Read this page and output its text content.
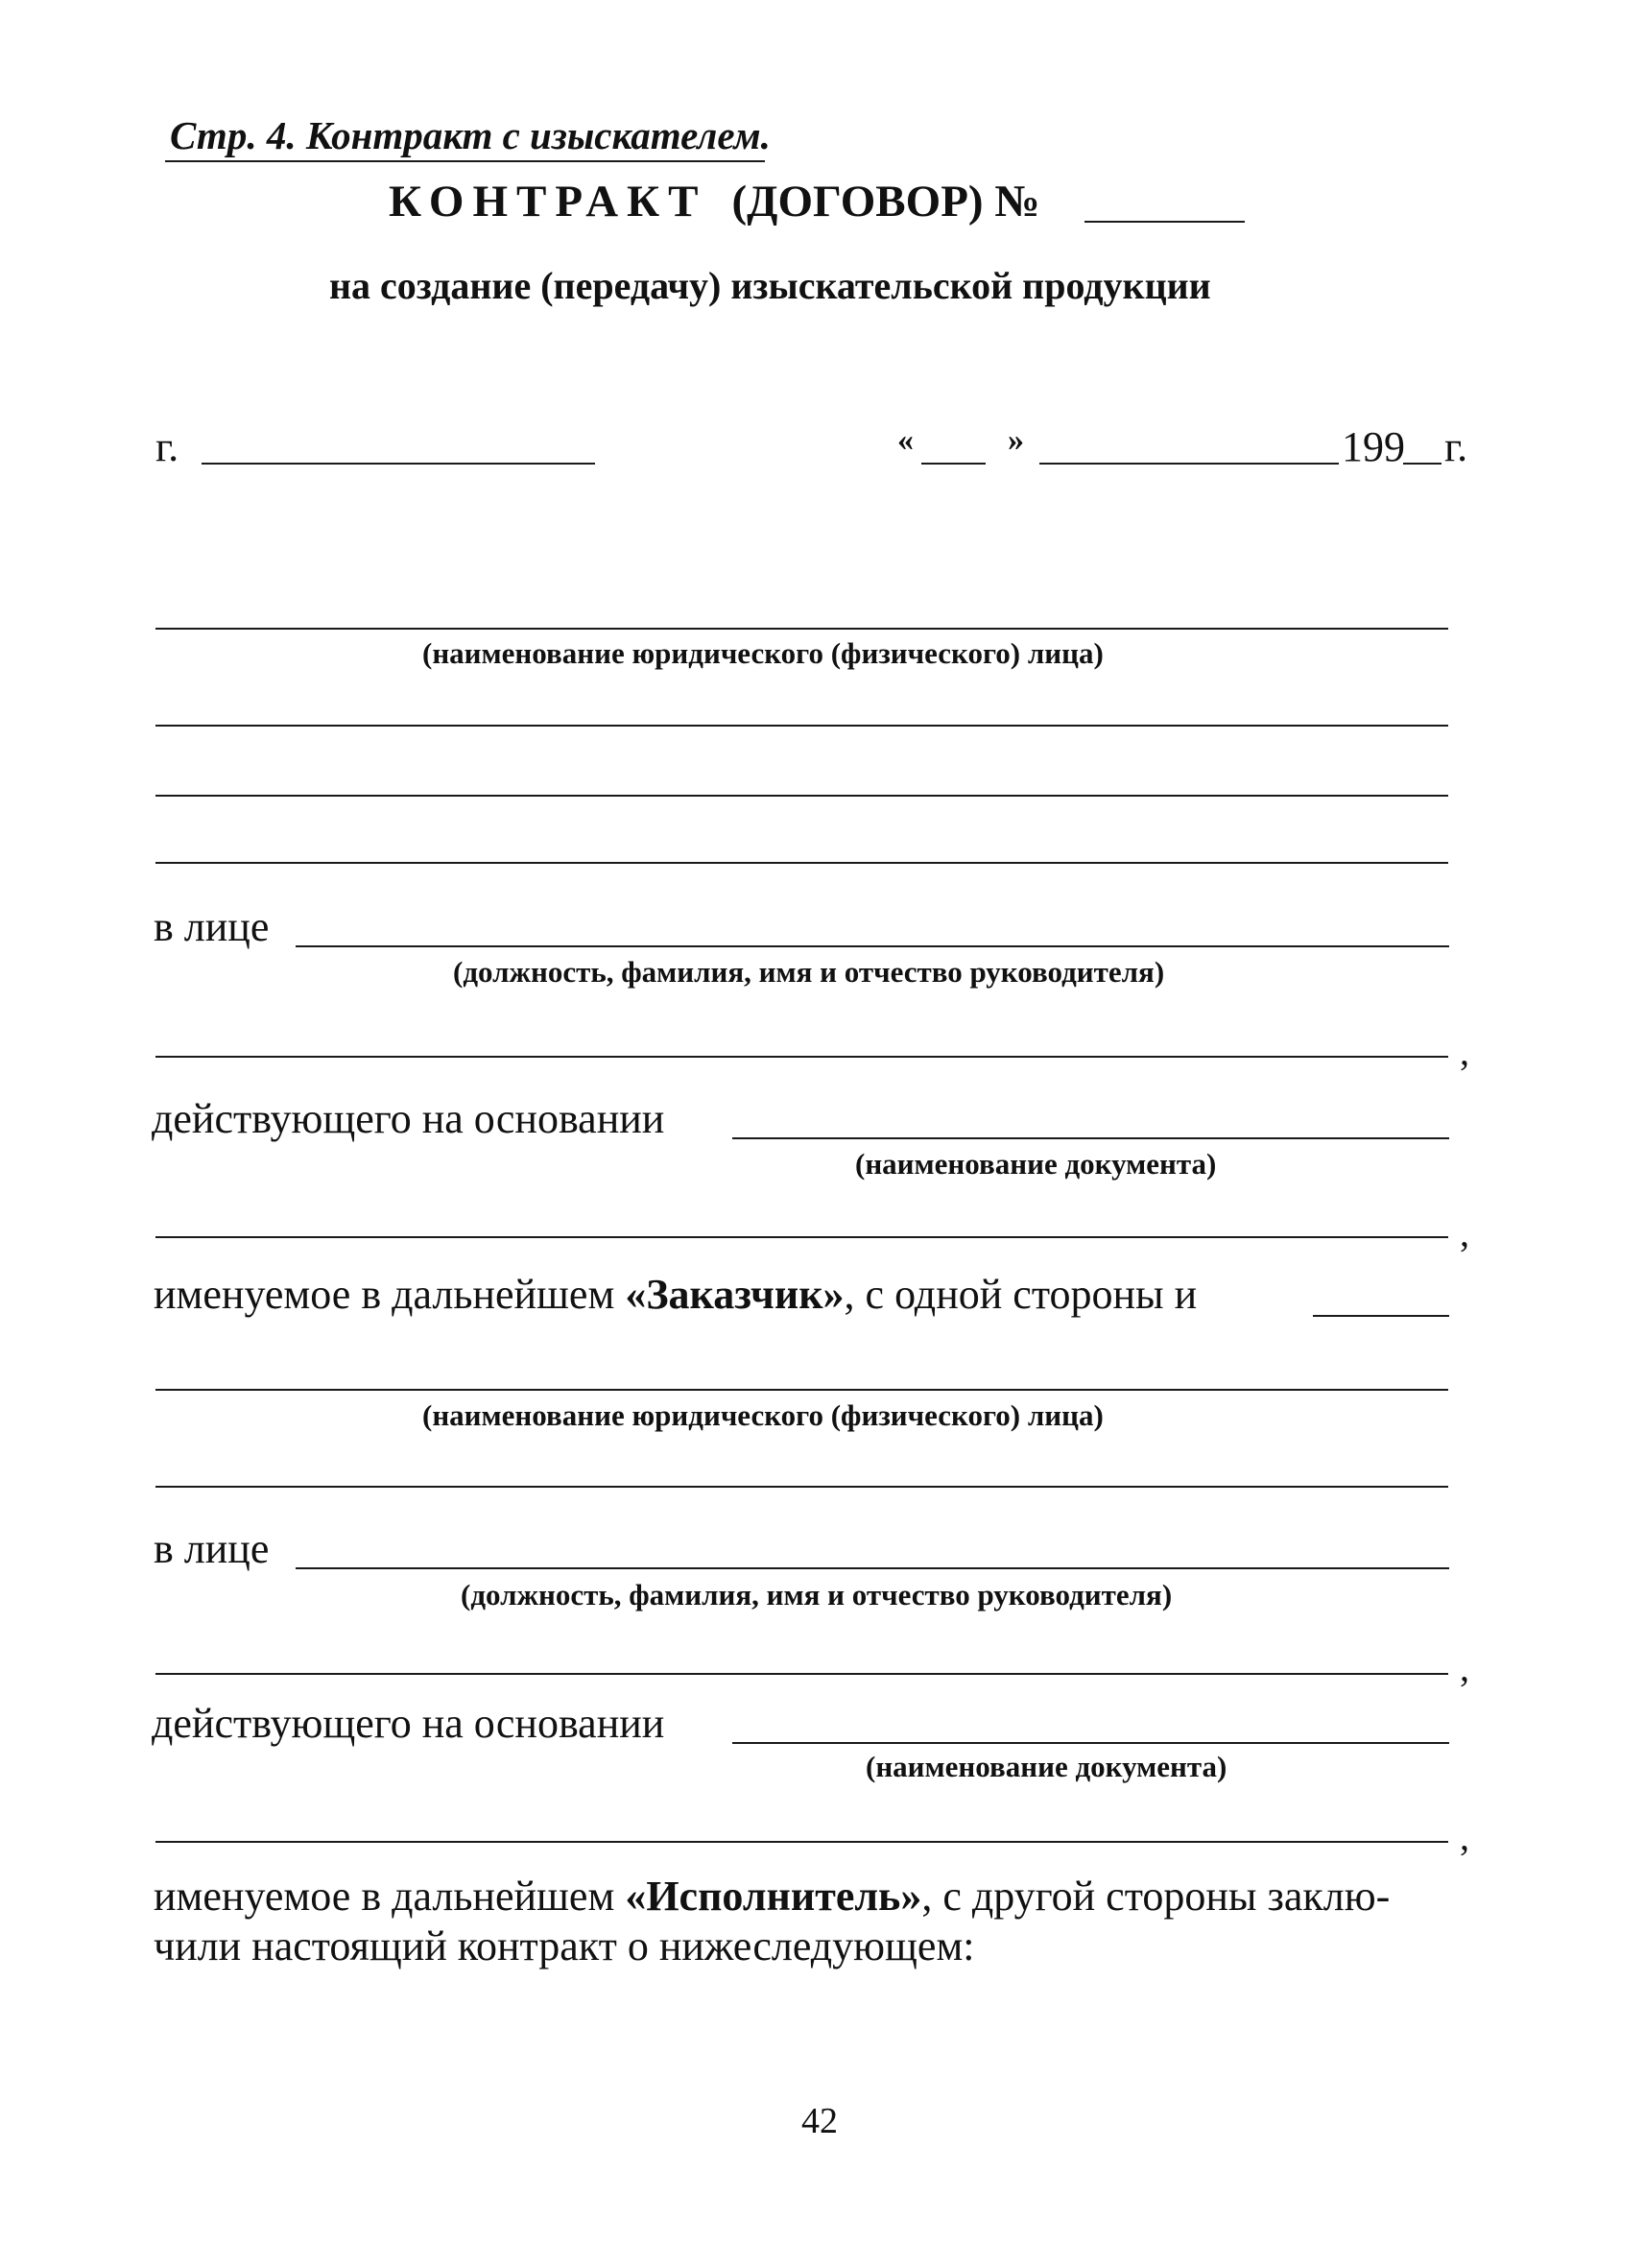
Стр. 4. Контракт с изыскателем.
КОНТРАКТ (ДОГОВОР) №
на создание (передачу) изыскательской продукции
г.	«	»	199 г.
(наименование юридического (физического) лица)
в лице
(должность, фамилия, имя и отчество руководителя)
,
действующего на основании
(наименование документа)
,
именуемое в дальнейшем «Заказчик», с одной стороны и
(наименование юридического (физического) лица)
в лице
(должность, фамилия, имя и отчество руководителя)
,
действующего на основании
(наименование документа)
,
именуемое в дальнейшем «Исполнитель», с другой стороны заклю-
чили настоящий контракт о нижеследующем:
42
